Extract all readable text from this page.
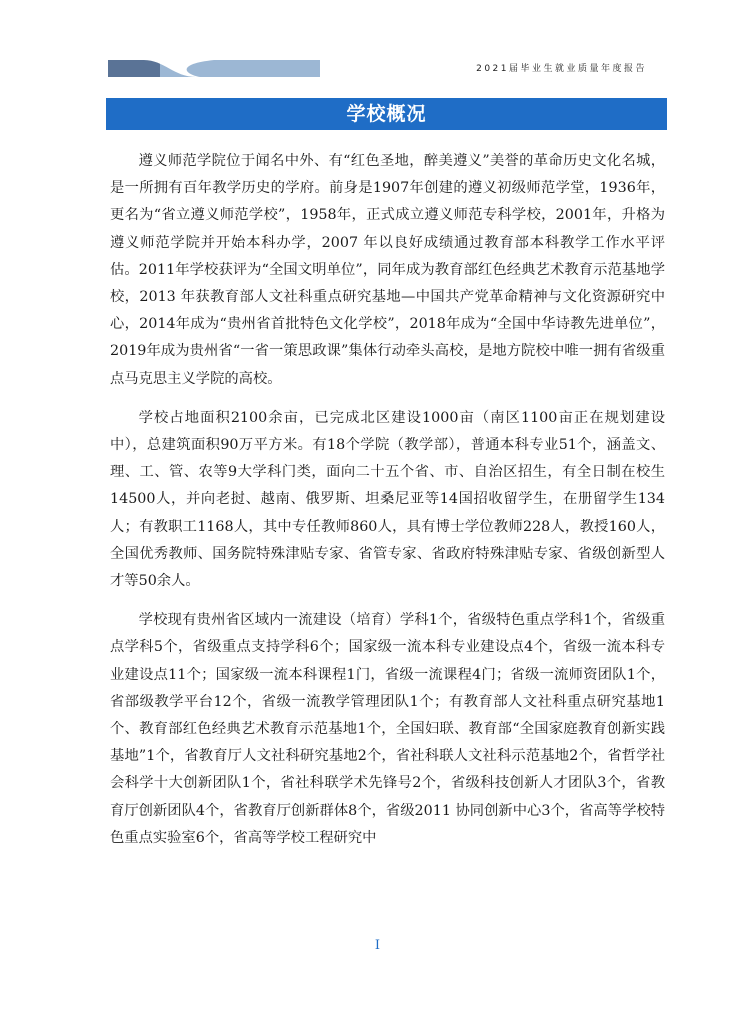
2021届毕业生就业质量年度报告
学校概况

遵义师范学院位于闻名中外、有“红色圣地，醉美遵义”美誉的革命历史文化名城，是一所拥有百年教学历史的学府。前身是1907年创建的遵义初级师范学堂，1936年，更名为“省立遵义师范学校”，1958年，正式成立遵义师范专科学校，2001年，升格为遵义师范学院并开始本科办学，2007 年以良好成绩通过教育部本科教学工作水平评估。2011年学校获评为“全国文明单位”，同年成为教育部红色经典艺术教育示范基地学校，2013 年获教育部人文社科重点研究基地—中国共产党革命精神与文化资源研究中心，2014年成为“贵州省首批特色文化学校”，2018年成为“全国中华诗教先进单位”，2019年成为贵州省“一省一策思政课”集体行动牵头高校，是地方院校中唯一拥有省级重点马克思主义学院的高校。

学校占地面积2100余亩，已完成北区建设1000亩（南区1100亩正在规划建设中），总建筑面积90万平方米。有18个学院（教学部），普通本科专业51个，涵盖文、理、工、管、农等9大学科门类，面向二十五个省、市、自治区招生，有全日制在校生14500人，并向老挝、越南、俄罗斯、坦桑尼亚等14国招收留学生，在册留学生134人；有教职工1168人，其中专任教师860人，具有博士学位教师228人，教授160人，全国优秀教师、国务院特殊津贴专家、省管专家、省政府特殊津贴专家、省级创新型人才等50余人。

学校现有贵州省区域内一流建设（培育）学科1个，省级特色重点学科1个，省级重点学科5个，省级重点支持学科6个；国家级一流本科专业建设点4个，省级一流本科专业建设点11个；国家级一流本科课程1门，省级一流课程4门；省级一流师资团队1个，省部级教学平台12个，省级一流教学管理团队1个；有教育部人文社科重点研究基地1个、教育部红色经典艺术教育示范基地1个，全国妇联、教育部“全国家庭教育创新实践基地”1个，省教育厅人文社科研究基地2个，省社科联人文社科示范基地2个，省哲学社会科学十大创新团队1个，省社科联学术先锋号2个，省级科技创新人才团队3个，省教育厅创新团队4个，省教育厅创新群体8个，省级2011 协同创新中心3个，省高等学校特色重点实验室6个，省高等学校工程研究中

I
